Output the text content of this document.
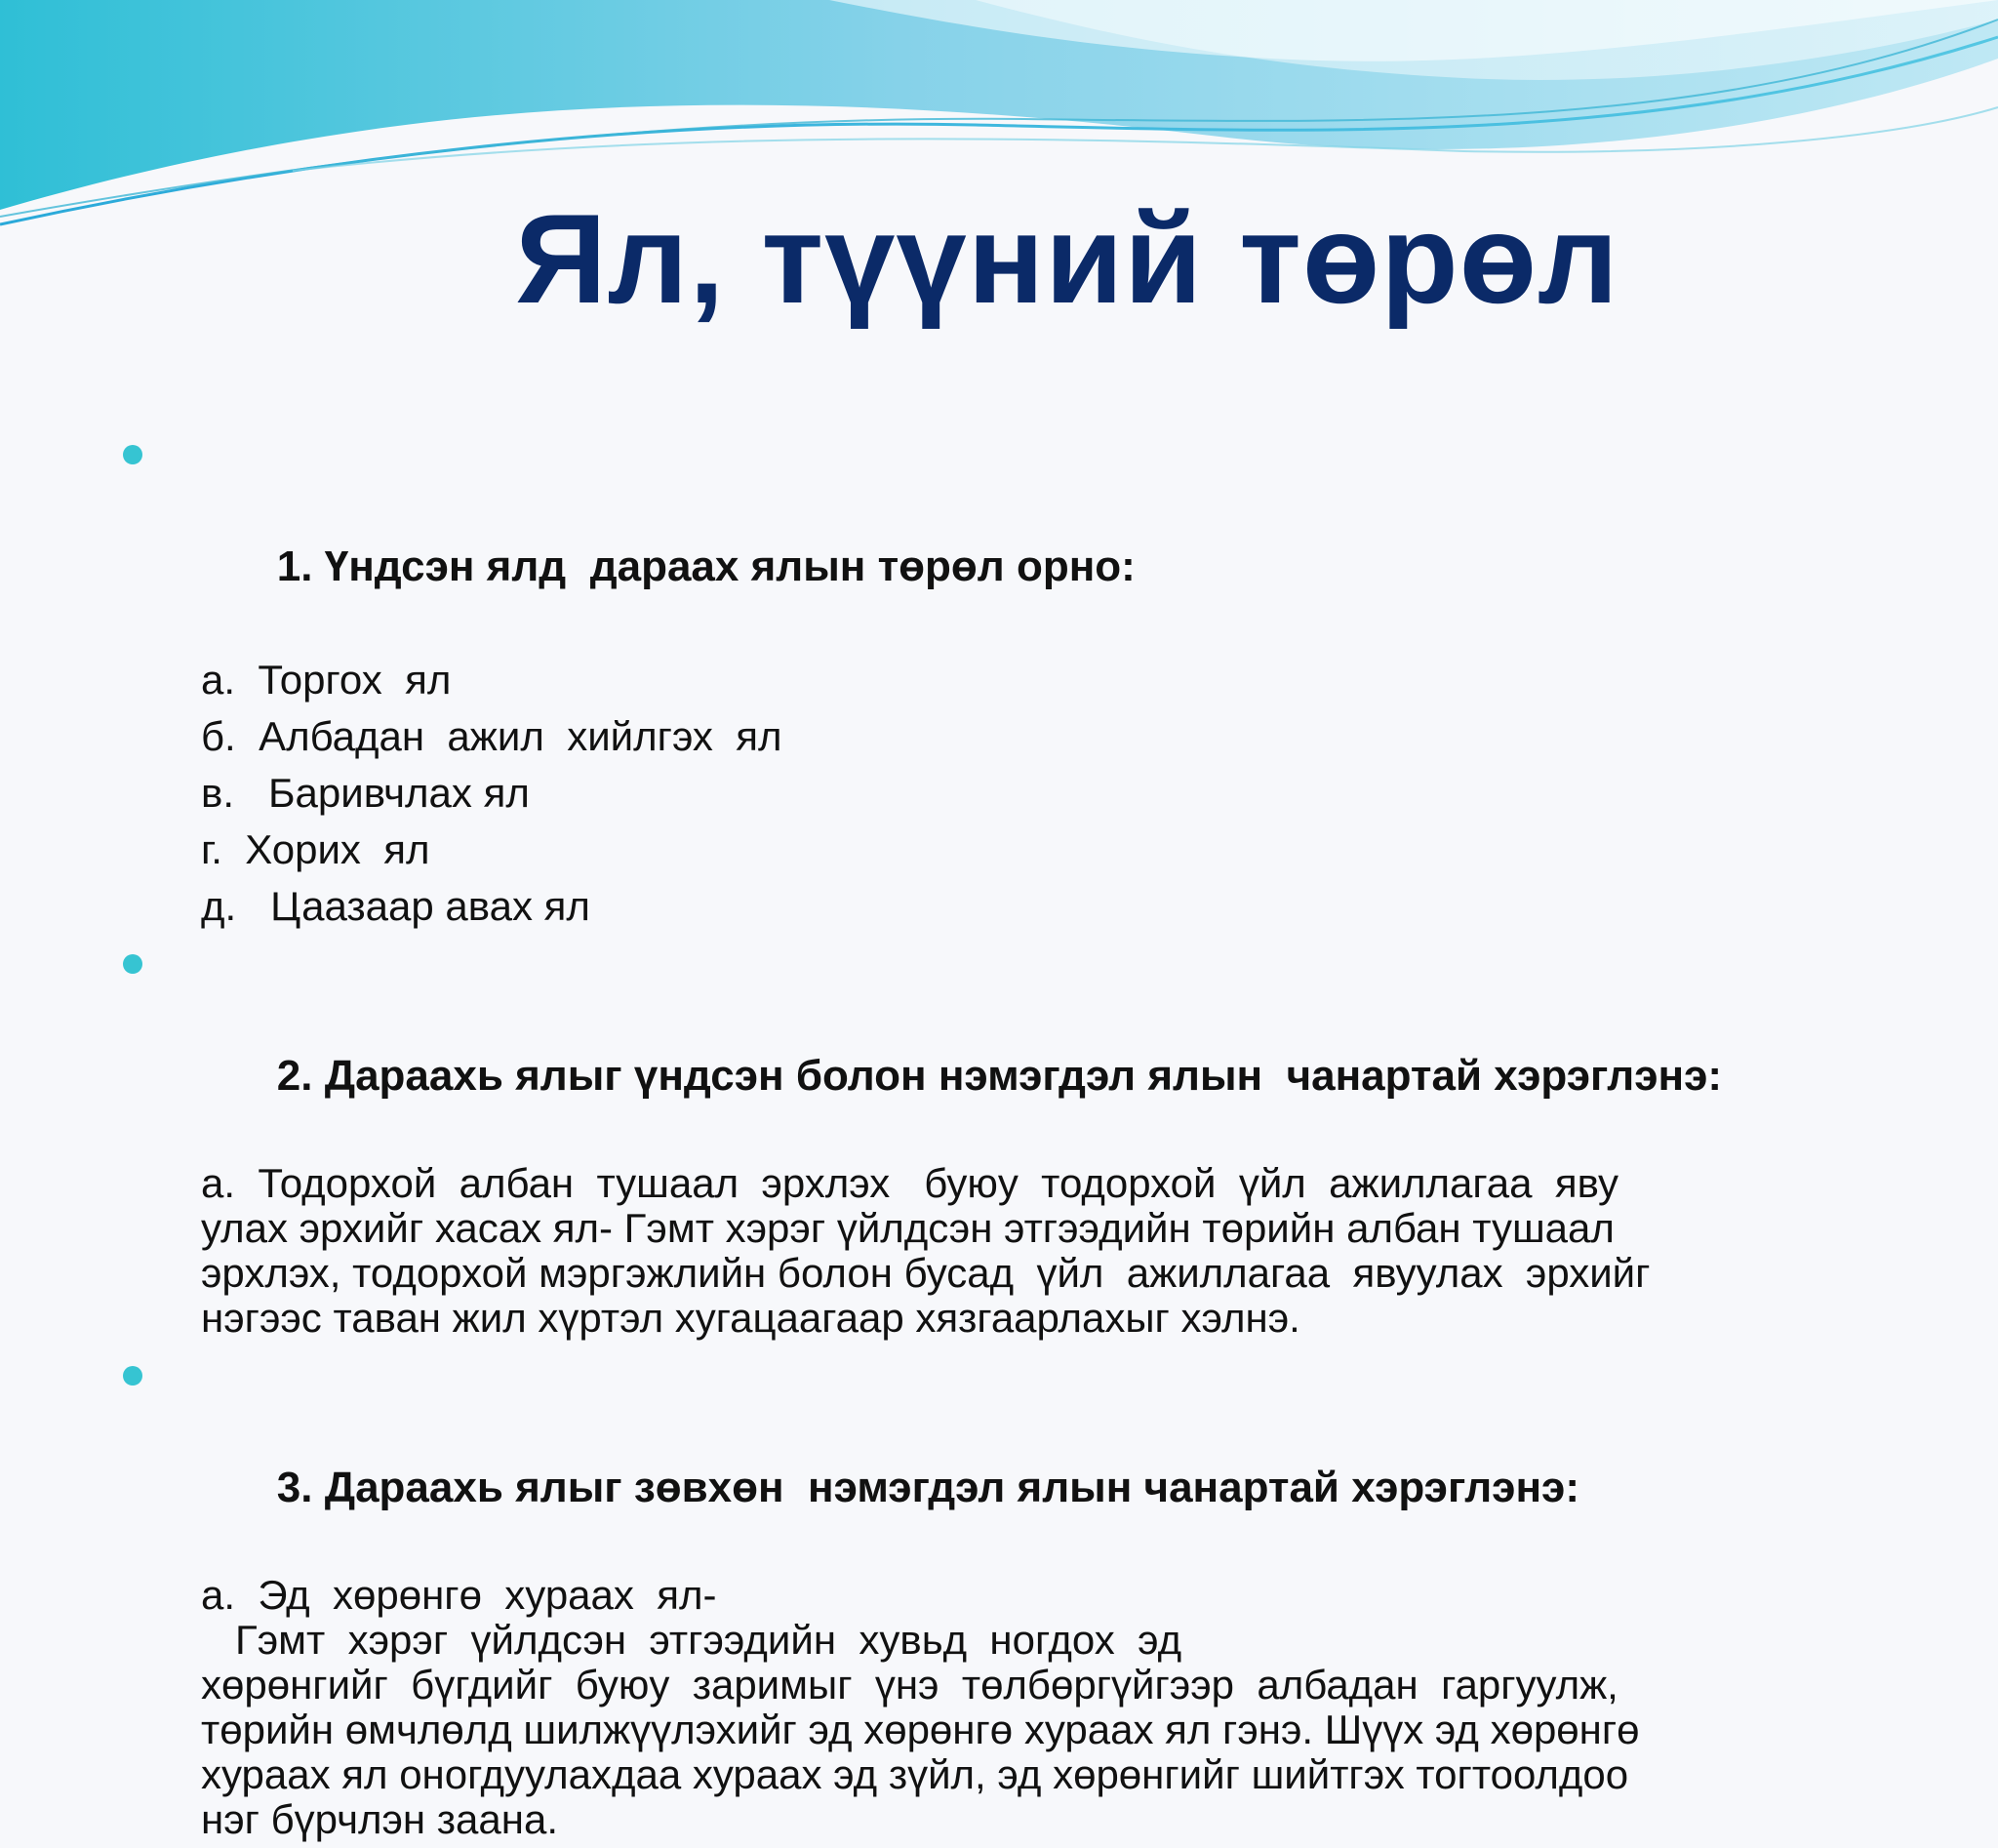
Ял, түүний төрөл

1. Үндсэн ялд  дараах ялын төрөл орно:

а.  Торгох  ял
б.  Албадан  ажил  хийлгэх  ял
в.   Баривчлах ял
г.  Хорих  ял
д.   Цаазаар авах ял

2. Дараахь ялыг үндсэн болон нэмэгдэл ялын  чанартай хэрэглэнэ:

а.  Тодорхой  албан  тушаал  эрхлэх   буюу  тодорхой  үйл  ажиллагаа  яву
улах эрхийг хасах ял- Гэмт хэрэг үйлдсэн этгээдийн төрийн албан тушаал
эрхлэх, тодорхой мэргэжлийн болон бусад  үйл  ажиллагаа  явуулах  эрхийг
нэгээс таван жил хүртэл хугацаагаар хязгаарлахыг хэлнэ.

3. Дараахь ялыг зөвхөн  нэмэгдэл ялын чанартай хэрэглэнэ:

а.  Эд  хөрөнгө  хураах  ял-
Гэмт  хэрэг  үйлдсэн  этгээдийн  хувьд  ногдох  эд
хөрөнгийг  бүгдийг  буюу  заримыг  үнэ  төлбөргүйгээр  албадан  гаргуулж,
төрийн өмчлөлд шилжүүлэхийг эд хөрөнгө хураах ял гэнэ. Шүүх эд хөрөнгө
хураах ял оногдуулахдаа хураах эд зүйл, эд хөрөнгийг шийтгэх тогтоолдоо
нэг бүрчлэн заана.
